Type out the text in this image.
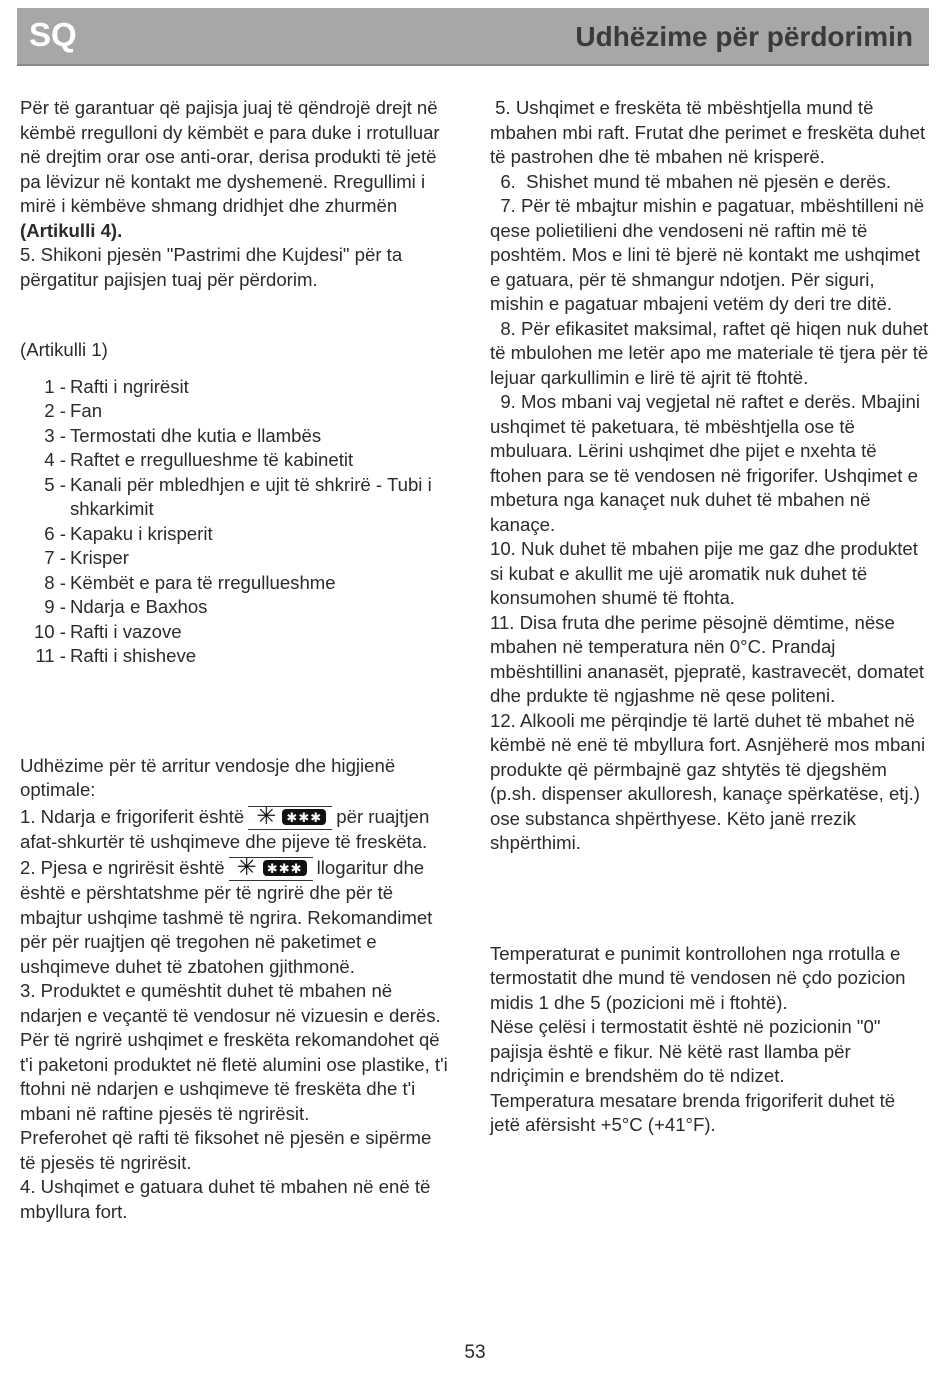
SQ	Udhëzime për përdorimin

Për të garantuar që pajisja juaj të qëndrojë drejt në këmbë rregulloni dy këmbët e para duke i rrotulluar në drejtim orar ose anti-orar, derisa produkti të jetë pa lëvizur në kontakt me dyshemenë. Rregullimi i mirë i këmbëve shmang dridhjet dhe zhurmën (Artikulli 4).

5. Shikoni pjesën "Pastrimi dhe Kujdesi" për ta përgatitur pajisjen tuaj për përdorim.

(Artikulli 1)

1 - Rafti i ngrirësit
2 - Fan
3 - Termostati dhe kutia e llambës
4 - Raftet e rregullueshme të kabinetit
5 - Kanali për mbledhjen e ujit të shkrirë - Tubi i shkarkimit
6 - Kapaku i krisperit
7 - Krisper
8 - Këmbët e para të rregullueshme
9 - Ndarja e Baxhos
10 - Rafti i vazove
11 - Rafti i shisheve

Udhëzime për të arritur vendosje dhe higjienë optimale:

1. Ndarja e frigoriferit është ✳ ✱✱✱ për ruajtjen afat-shkurtër të ushqimeve dhe pijeve të freskëta.

2. Pjesa e ngrirësit është ✳ ✱✱✱ llogaritur dhe është e përshtatshme për të ngrirë dhe për të mbajtur ushqime tashmë të ngrira. Rekomandimet për për ruajtjen që tregohen në paketimet e ushqimeve duhet të zbatohen gjithmonë.

3. Produktet e qumështit duhet të mbahen në ndarjen e veçantë të vendosur në vizuesin e derës. Për të ngrirë ushqimet e freskëta rekomandohet që t'i paketoni produktet në fletë alumini ose plastike, t'i ftohni në ndarjen e ushqimeve të freskëta dhe t'i mbani në raftine pjesës të ngrirësit.

Preferohet që rafti të fiksohet në pjesën e sipërme të pjesës të ngrirësit.

4. Ushqimet e gatuara duhet të mbahen në enë të mbyllura fort.

5. Ushqimet e freskëta të mbështjella mund të mbahen mbi raft. Frutat dhe perimet e freskëta duhet të pastrohen dhe të mbahen në krisperë.

6.  Shishet mund të mbahen në pjesën e derës.

7. Për të mbajtur mishin e pagatuar, mbështilleni në qese polietilieni dhe vendoseni në raftin më të poshtëm. Mos e lini të bjerë në kontakt me ushqimet e gatuara, për të shmangur ndotjen. Për siguri, mishin e pagatuar mbajeni vetëm dy deri tre ditë.

8. Për efikasitet maksimal, raftet që hiqen nuk duhet të mbulohen me letër apo me materiale të tjera për të lejuar qarkullimin e lirë të ajrit të ftohtë.

9. Mos mbani vaj vegjetal në raftet e derës. Mbajini ushqimet të paketuara, të mbështjella ose të mbuluara. Lërini ushqimet dhe pijet e nxehta të ftohen para se të vendosen në frigorifer. Ushqimet e mbetura nga kanaçet nuk duhet të mbahen në kanaçe.

10. Nuk duhet të mbahen pije me gaz dhe produktet si kubat e akullit me ujë aromatik nuk duhet të konsumohen shumë të ftohta.

11. Disa fruta dhe perime pësojnë dëmtime, nëse mbahen në temperatura nën 0°C. Prandaj mbështillini ananasët, pjepratë, kastravecët, domatet dhe prdukte të ngjashme në qese politeni.

12. Alkooli me përqindje të lartë duhet të mbahet në këmbë në enë të mbyllura fort. Asnjëherë mos mbani produkte që përmbajnë gaz shtytës të djegshëm (p.sh. dispenser akulloresh, kanaçe spërkatëse, etj.) ose substanca shpërthyese. Këto janë rrezik shpërthimi.

Temperaturat e punimit kontrollohen nga rrotulla e termostatit dhe mund të vendosen në çdo pozicion midis 1 dhe 5 (pozicioni më i ftohtë).

Nëse çelësi i termostatit është në pozicionin "0" pajisja është e fikur. Në këtë rast llamba për ndriçimin e brendshëm do të ndizet.

Temperatura mesatare brenda frigoriferit duhet të jetë afërsisht +5°C (+41°F).

53
